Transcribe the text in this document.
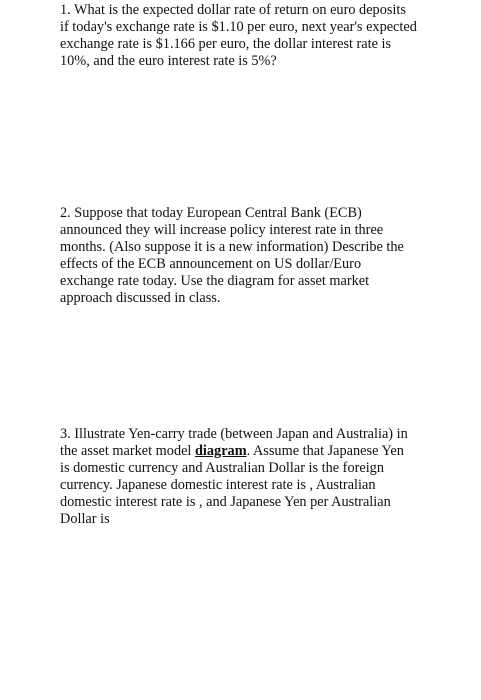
1. What is the expected dollar rate of return on euro deposits
if today's exchange rate is $1.10 per euro, next year's expected
exchange rate is $1.166 per euro, the dollar interest rate is
10%, and the euro interest rate is 5%?
2. Suppose that today European Central Bank (ECB)
announced they will increase policy interest rate in three
months. (Also suppose it is a new information) Describe the
effects of the ECB announcement on US dollar/Euro
exchange rate today. Use the diagram for asset market
approach discussed in class.
3. Illustrate Yen-carry trade (between Japan and Australia) in
the asset market model diagram. Assume that Japanese Yen
is domestic currency and Australian Dollar is the foreign
currency. Japanese domestic interest rate is , Australian
domestic interest rate is , and Japanese Yen per Australian
Dollar is
